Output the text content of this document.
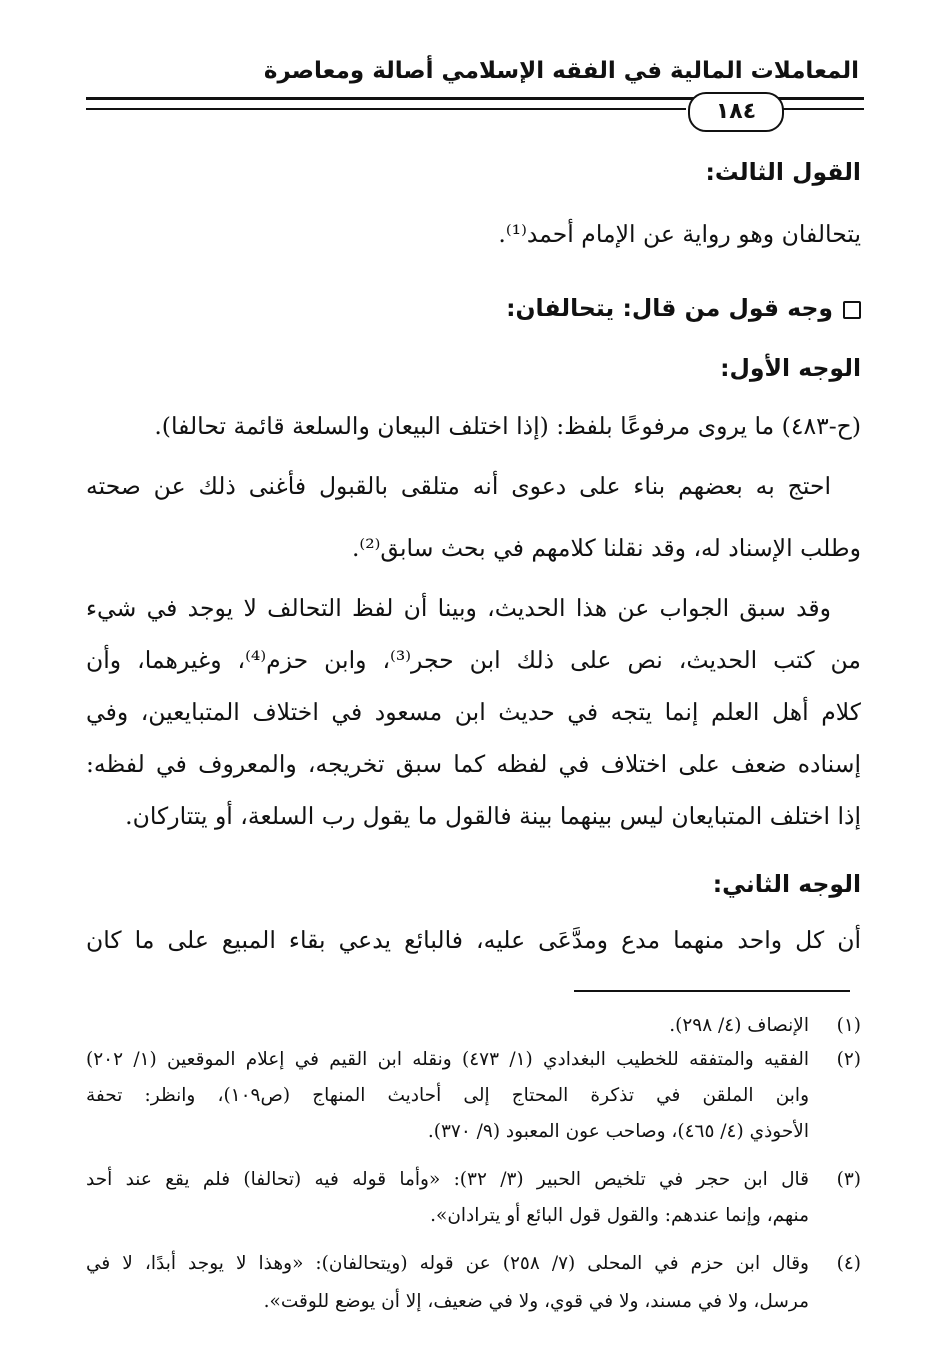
المعاملات المالية في الفقه الإسلامي أصالة ومعاصرة
١٨٤
القول الثالث:
يتحالفان وهو رواية عن الإمام أحمد⁽¹⁾.
وجه قول من قال: يتحالفان:
الوجه الأول:
(ح-٤٨٣) ما يروى مرفوعًا بلفظ: (إذا اختلف البيعان والسلعة قائمة تحالفا).
احتج به بعضهم بناء على دعوى أنه متلقى بالقبول فأغنى ذلك عن صحته
وطلب الإسناد له، وقد نقلنا كلامهم في بحث سابق⁽²⁾.
وقد سبق الجواب عن هذا الحديث، وبينا أن لفظ التحالف لا يوجد في شيء
من كتب الحديث، نص على ذلك ابن حجر⁽³⁾، وابن حزم⁽⁴⁾، وغيرهما، وأن
كلام أهل العلم إنما يتجه في حديث ابن مسعود في اختلاف المتبايعين، وفي
إسناده ضعف على اختلاف في لفظه كما سبق تخريجه، والمعروف في لفظه:
إذا اختلف المتبايعان ليس بينهما بينة فالقول ما يقول رب السلعة، أو يتتاركان.
الوجه الثاني:
أن كل واحد منهما مدع ومدَّعَى عليه، فالبائع يدعي بقاء المبيع على ما كان
(١)الإنصاف (٤/ ٢٩٨).
(٢)الفقيه والمتفقه للخطيب البغدادي (١/ ٤٧٣) ونقله ابن القيم في إعلام الموقعين (١/ ٢٠٢)
وابن الملقن في تذكرة المحتاج إلى أحاديث المنهاج (ص١٠٩)، وانظر: تحفة
الأحوذي (٤/ ٤٦٥)، وصاحب عون المعبود (٩/ ٣٧٠).
(٣)قال ابن حجر في تلخيص الحبير (٣/ ٣٢): «وأما قوله فيه (تحالفا) فلم يقع عند أحد
منهم، وإنما عندهم: والقول قول البائع أو يترادان».
(٤)وقال ابن حزم في المحلى (٧/ ٢٥٨) عن قوله (ويتحالفان): «وهذا لا يوجد أبدًا، لا في
مرسل، ولا في مسند، ولا في قوي، ولا في ضعيف، إلا أن يوضع للوقت».
